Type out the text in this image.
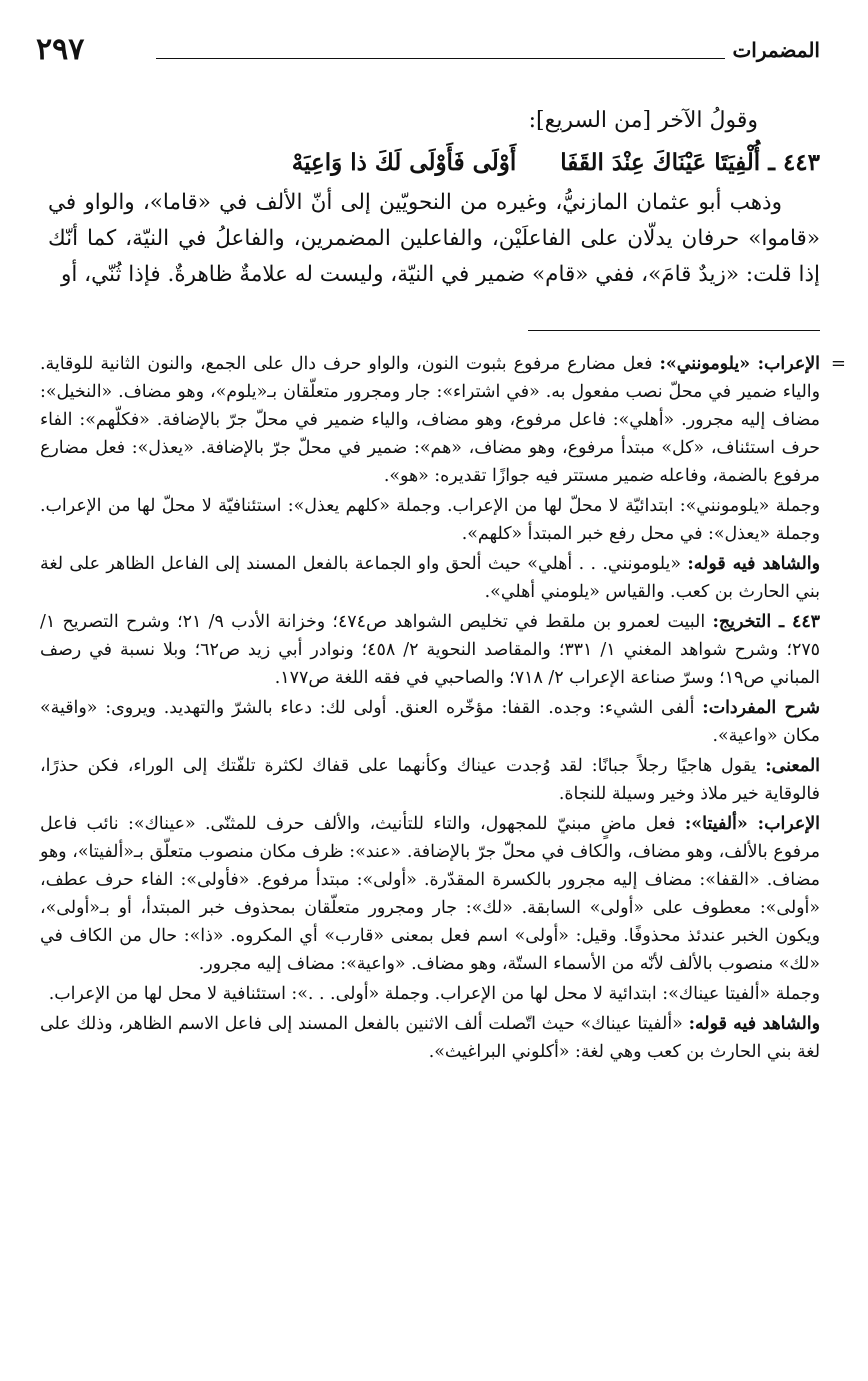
المضمرات
٢٩٧

وقولُ الآخر [من السريع]:

٤٤٣ ـ
أُلْفِيَتَا عَيْنَاكَ عِنْدَ القَفَا
أَوْلَى فَأَوْلَى لَكَ ذا وَاعِيَهْ

وذهب أبو عثمان المازنيُّ، وغيره من النحويّين إلى أنّ الألف في «قاما»، والواو في «قاموا» حرفان يدلّان على الفاعلَيْن، والفاعلين المضمرين، والفاعلُ في النيّة، كما أنّك إذا قلت: «زيدٌ قامَ»، ففي «قام» ضمير في النيّة، وليست له علامةٌ ظاهرةٌ. فإذا ثُنّي، أو

=

الإعراب: «يلومونني»: فعل مضارع مرفوع بثبوت النون، والواو حرف دال على الجمع، والنون الثانية للوقاية. والياء ضمير في محلّ نصب مفعول به. «في اشتراء»: جار ومجرور متعلّقان بـ«يلوم»، وهو مضاف. «النخيل»: مضاف إليه مجرور. «أهلي»: فاعل مرفوع، وهو مضاف، والياء ضمير في محلّ جرّ بالإضافة. «فكلّهم»: الفاء حرف استئناف، «كل» مبتدأ مرفوع، وهو مضاف، «هم»: ضمير في محلّ جرّ بالإضافة. «يعذل»: فعل مضارع مرفوع بالضمة، وفاعله ضمير مستتر فيه جوازًا تقديره: «هو».

وجملة «يلومونني»: ابتدائيّة لا محلّ لها من الإعراب. وجملة «كلهم يعذل»: استئنافيّة لا محلّ لها من الإعراب. وجملة «يعذل»: في محل رفع خبر المبتدأ «كلهم».

والشاهد فيه قوله: «يلومونني. . . أهلي» حيث ألحق واو الجماعة بالفعل المسند إلى الفاعل الظاهر على لغة بني الحارث بن كعب. والقياس «يلومني أهلي».

٤٤٣ ـ التخريج: البيت لعمرو بن ملقط في تخليص الشواهد ص٤٧٤؛ وخزانة الأدب ٩/ ٢١؛ وشرح التصريح ١/ ٢٧٥؛ وشرح شواهد المغني ١/ ٣٣١؛ والمقاصد النحوية ٢/ ٤٥٨؛ ونوادر أبي زيد ص٦٢؛ وبلا نسبة في رصف المباني ص١٩؛ وسرّ صناعة الإعراب ٢/ ٧١٨؛ والصاحبي في فقه اللغة ص١٧٧.

شرح المفردات: ألفى الشيء: وجده. القفا: مؤخّره العنق. أولى لك: دعاء بالشرّ والتهديد. ويروى: «واقية» مكان «واعية».

المعنى: يقول هاجيًا رجلاً جبانًا: لقد وُجدت عيناك وكأنهما على قفاك لكثرة تلفّتك إلى الوراء، فكن حذرًا، فالوقاية خير ملاذ وخير وسيلة للنجاة.

الإعراب: «ألفيتا»: فعل ماضٍ مبنيّ للمجهول، والتاء للتأنيث، والألف حرف للمثنّى. «عيناك»: نائب فاعل مرفوع بالألف، وهو مضاف، والكاف في محلّ جرّ بالإضافة. «عند»: ظرف مكان منصوب متعلّق بـ«ألفيتا»، وهو مضاف. «القفا»: مضاف إليه مجرور بالكسرة المقدّرة. «أولى»: مبتدأ مرفوع. «فأولى»: الفاء حرف عطف، «أولى»: معطوف على «أولى» السابقة. «لك»: جار ومجرور متعلّقان بمحذوف خبر المبتدأ، أو بـ«أولى»، ويكون الخبر عندئذ محذوفًا. وقيل: «أولى» اسم فعل بمعنى «قارب» أي المكروه. «ذا»: حال من الكاف في «لك» منصوب بالألف لأنّه من الأسماء الستّة، وهو مضاف. «واعية»: مضاف إليه مجرور.

وجملة «ألفيتا عيناك»: ابتدائية لا محل لها من الإعراب. وجملة «أولى. . .»: استئنافية لا محل لها من الإعراب.

والشاهد فيه قوله: «ألفيتا عيناك» حيث اتّصلت ألف الاثنين بالفعل المسند إلى فاعل الاسم الظاهر، وذلك على لغة بني الحارث بن كعب وهي لغة: «أكلوني البراغيث».
